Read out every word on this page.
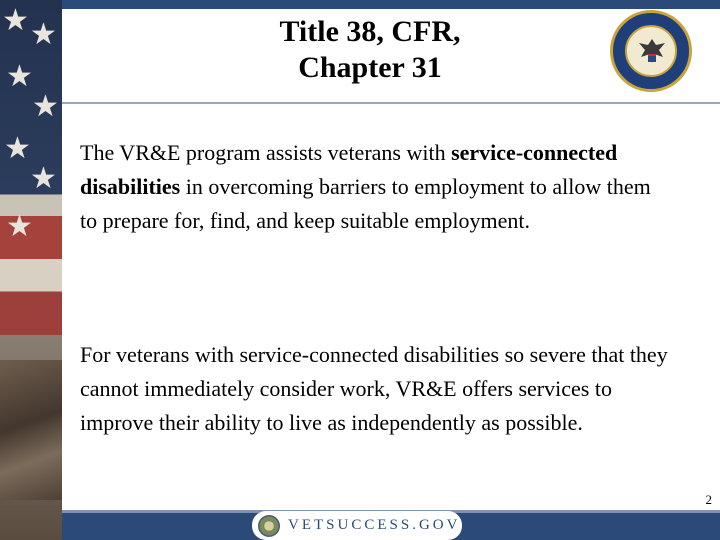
★ ★
★
★
★
★
★
Title 38, CFR,
Chapter 31

The VR&E program assists veterans with service-connected disabilities in overcoming barriers to employment to allow them to prepare for, find, and keep suitable employment.

For veterans with service-connected disabilities so severe that they cannot immediately consider work, VR&E offers services to improve their ability to live as independently as possible.

2
VETSUCCESS.GOV
